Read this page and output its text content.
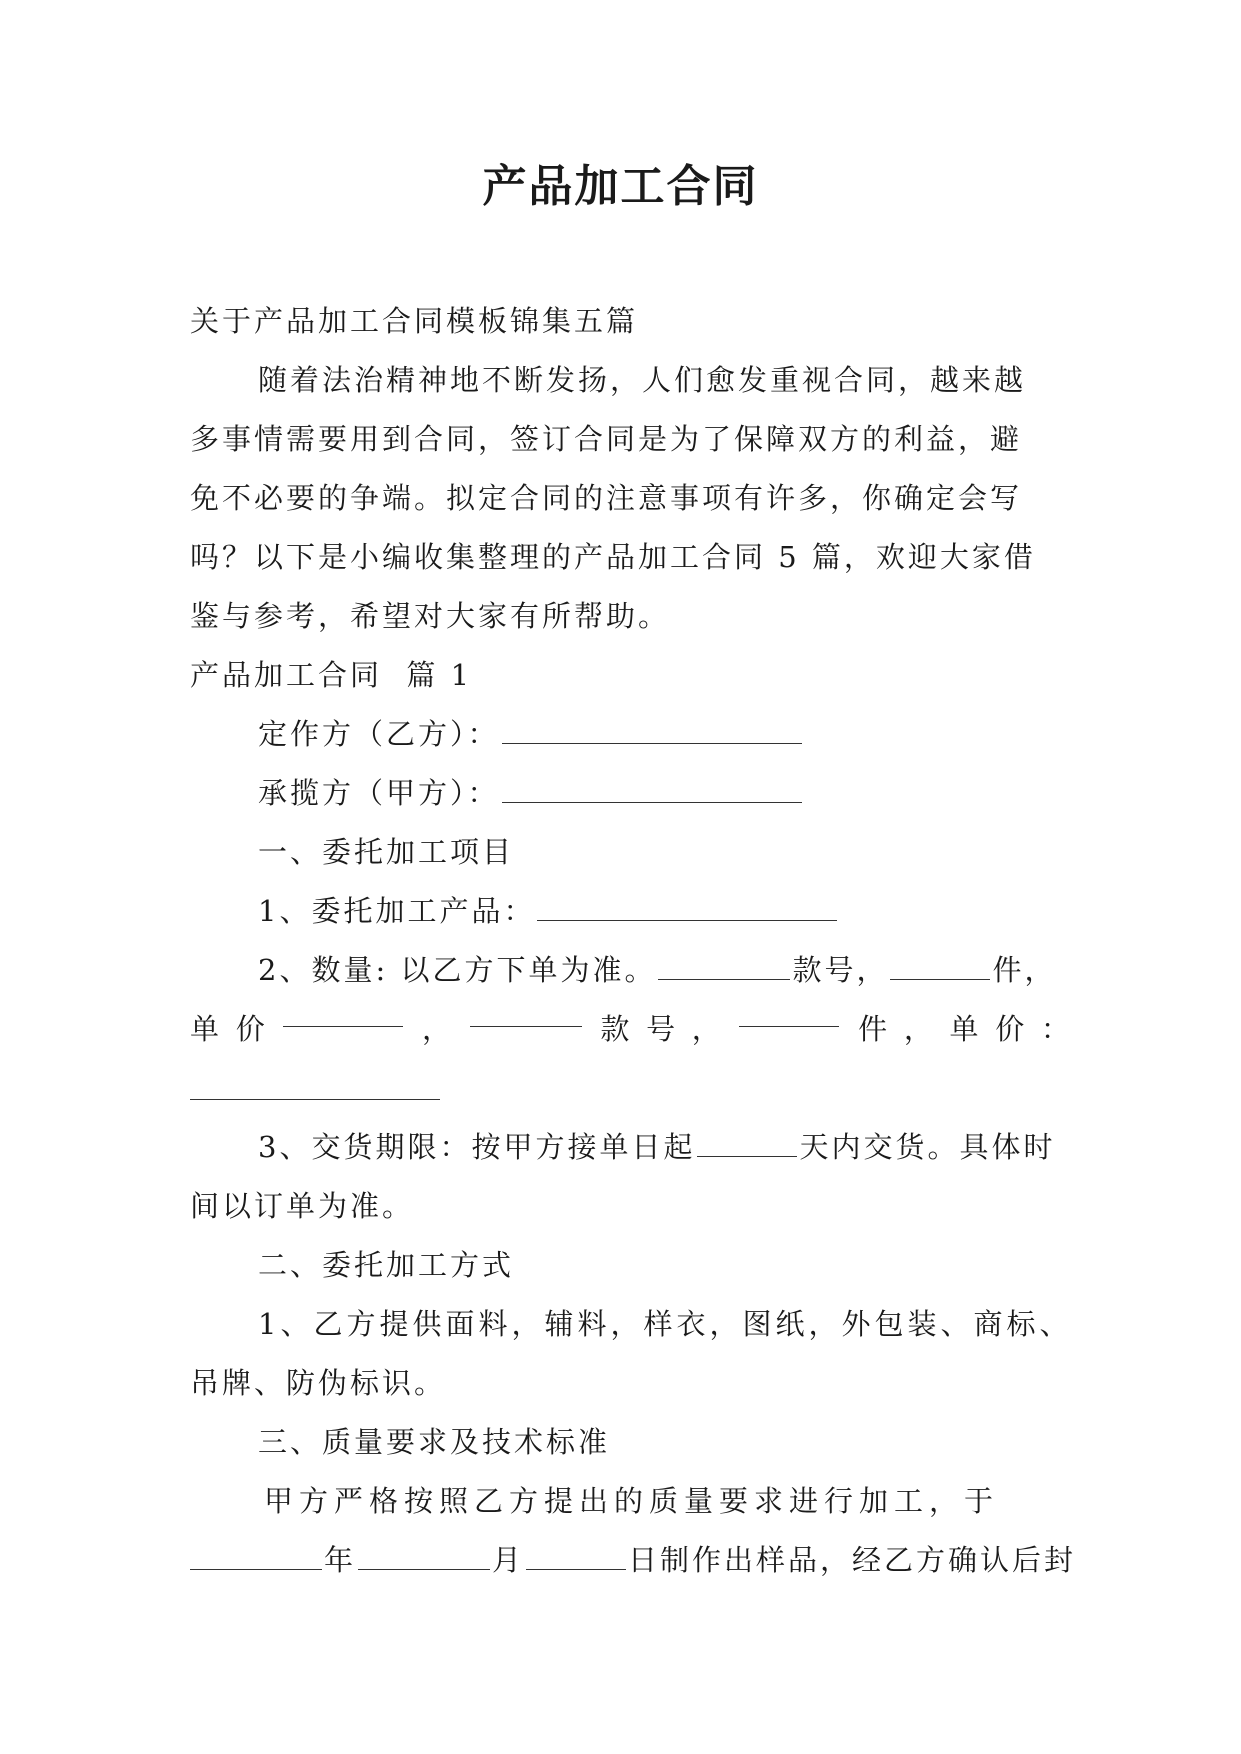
产品加工合同
关于产品加工合同模板锦集五篇
随着法治精神地不断发扬，人们愈发重视合同，越来越
多事情需要用到合同，签订合同是为了保障双方的利益，避
免不必要的争端。拟定合同的注意事项有许多，你确定会写
吗？以下是小编收集整理的产品加工合同 5 篇，欢迎大家借
鉴与参考，希望对大家有所帮助。
产品加工合同  篇 1
定作方（乙方）：
承揽方（甲方）：
一、委托加工项目
1、委托加工产品：
2、数量: 以乙方下单为准。	款号，	件，
单 价	，	款 号 ，	件 ， 单 价 ：
3、交货期限：按甲方接单日起	天内交货。具体时
间以订单为准。
二、委托加工方式
1、乙方提供面料，辅料，样衣，图纸，外包装、商标、
吊牌、防伪标识。
三、质量要求及技术标准
甲方严格按照乙方提出的质量要求进行加工，于
年	月	日制作出样品，经乙方确认后封
